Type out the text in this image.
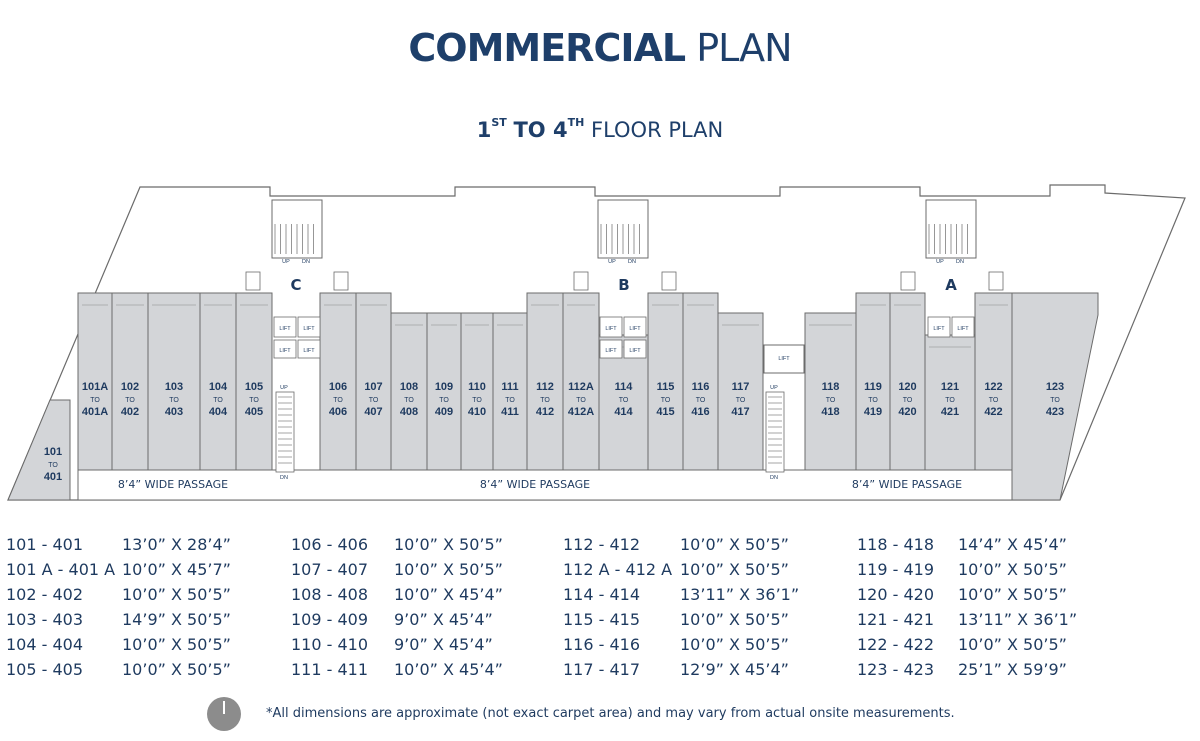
COMMERCIAL PLAN
1ST TO 4TH FLOOR PLAN
101A
TO
401A
102
TO
402
103
TO
403
104
TO
404
105
TO
405
106
TO
406
107
TO
407
108
TO
408
109
TO
409
110
TO
410
111
TO
411
112
TO
412
112A
TO
412A
114
TO
414
115
TO
415
116
TO
416
117
TO
417
118
TO
418
119
TO
419
120
TO
420
121
TO
421
122
TO
422
123
TO
423
101
TO
401
UP DN
C
LIFT LIFT
UP DN
B
LIFT LIFT
UP DN
A
LIFT LIFT
LIFT LIFT	LIFT LIFT
LIFT
UP
DN
UP
DN
8’4” WIDE PASSAGE	8’4” WIDE PASSAGE	8’4” WIDE PASSAGE
101 - 401 13’0” X 28’4”
101 A - 401 A 10’0” X 45’7”
102 - 402 10’0” X 50’5”
103 - 403 14’9” X 50’5”
104 - 404 10’0” X 50’5”
105 - 405 10’0” X 50’5”
106 - 406 10’0” X 50’5”
107 - 407 10’0” X 50’5”
108 - 408 10’0” X 45’4”
109 - 409 9’0” X 45’4”
110 - 410 9’0” X 45’4”
111 - 411 10’0” X 45’4”
112 - 412 10’0” X 50’5”
112 A - 412 A 10’0” X 50’5”
114 - 414 13’11” X 36’1”
115 - 415 10’0” X 50’5”
116 - 416 10’0” X 50’5”
117 - 417 12’9” X 45’4”
118 - 418 14’4” X 45’4”
119 - 419 10’0” X 50’5”
120 - 420 10’0” X 50’5”
121 - 421 13’11” X 36’1”
122 - 422 10’0” X 50’5”
123 - 423 25’1” X 59’9”
*All dimensions are approximate (not exact carpet area) and may vary from actual onsite measurements.
